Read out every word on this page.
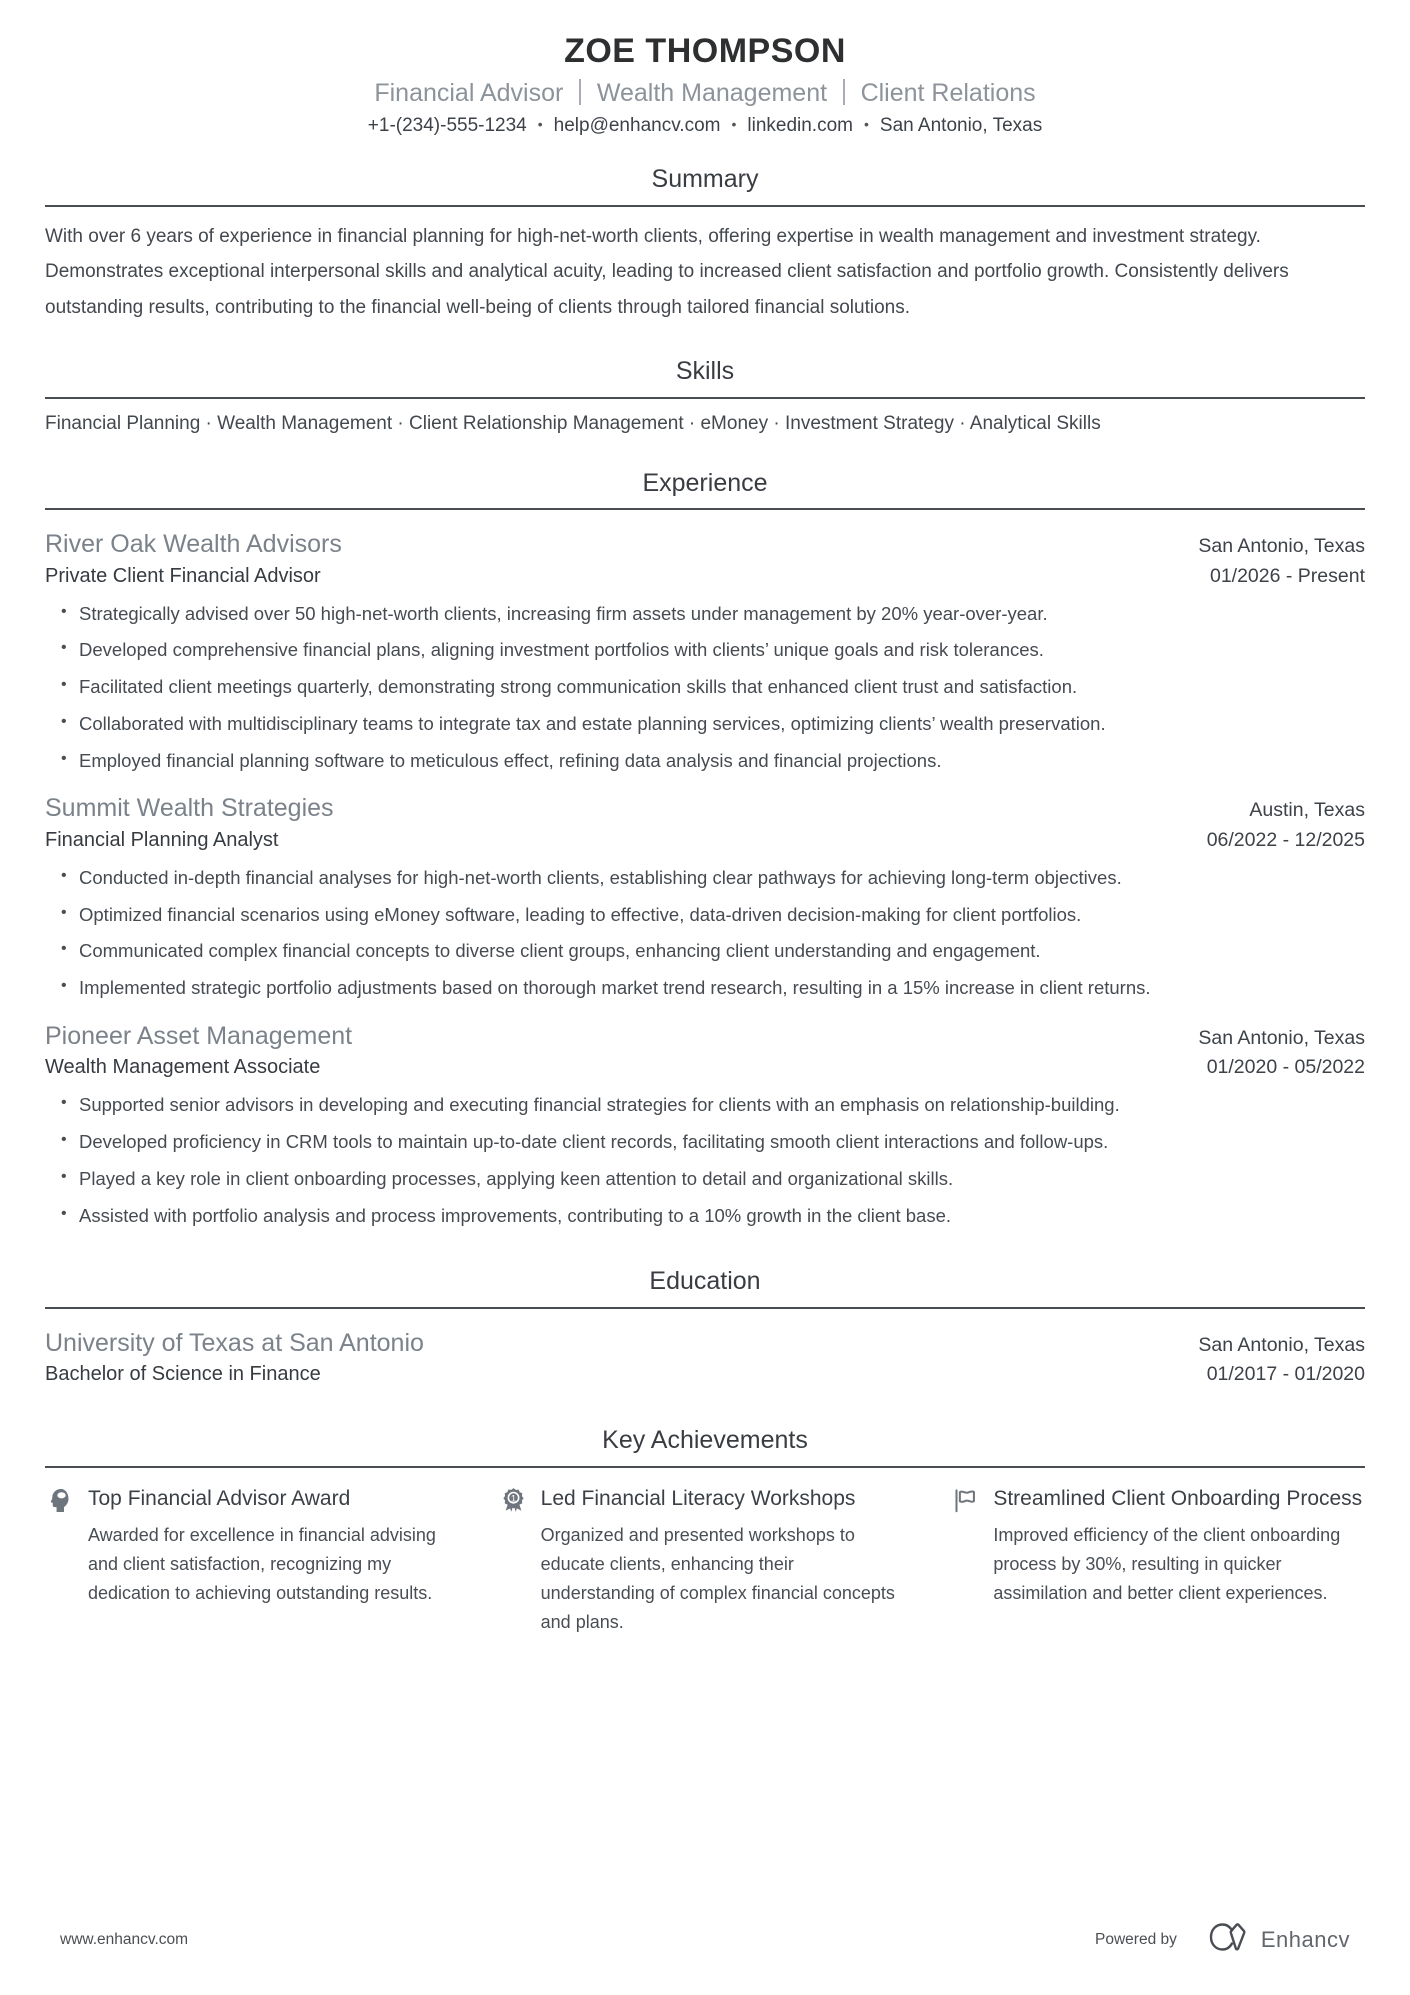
ZOE THOMPSON
Financial Advisor Wealth Management Client Relations
+1-(234)-555-1234 • help@enhancv.com • linkedin.com • San Antonio, Texas
Summary
With over 6 years of experience in financial planning for high-net-worth clients, offering expertise in wealth management and investment strategy. Demonstrates exceptional interpersonal skills and analytical acuity, leading to increased client satisfaction and portfolio growth. Consistently delivers outstanding results, contributing to the financial well-being of clients through tailored financial solutions.
Skills
Financial Planning · Wealth Management · Client Relationship Management · eMoney · Investment Strategy · Analytical Skills
Experience
River Oak Wealth Advisors	San Antonio, Texas
Private Client Financial Advisor	01/2026 - Present
• Strategically advised over 50 high-net-worth clients, increasing firm assets under management by 20% year-over-year.
• Developed comprehensive financial plans, aligning investment portfolios with clients’ unique goals and risk tolerances.
• Facilitated client meetings quarterly, demonstrating strong communication skills that enhanced client trust and satisfaction.
• Collaborated with multidisciplinary teams to integrate tax and estate planning services, optimizing clients’ wealth preservation.
• Employed financial planning software to meticulous effect, refining data analysis and financial projections.
Summit Wealth Strategies	Austin, Texas
Financial Planning Analyst	06/2022 - 12/2025
• Conducted in-depth financial analyses for high-net-worth clients, establishing clear pathways for achieving long-term objectives.
• Optimized financial scenarios using eMoney software, leading to effective, data-driven decision-making for client portfolios.
• Communicated complex financial concepts to diverse client groups, enhancing client understanding and engagement.
• Implemented strategic portfolio adjustments based on thorough market trend research, resulting in a 15% increase in client returns.
Pioneer Asset Management	San Antonio, Texas
Wealth Management Associate	01/2020 - 05/2022
• Supported senior advisors in developing and executing financial strategies for clients with an emphasis on relationship-building.
• Developed proficiency in CRM tools to maintain up-to-date client records, facilitating smooth client interactions and follow-ups.
• Played a key role in client onboarding processes, applying keen attention to detail and organizational skills.
• Assisted with portfolio analysis and process improvements, contributing to a 10% growth in the client base.
Education
University of Texas at San Antonio	San Antonio, Texas
Bachelor of Science in Finance	01/2017 - 01/2020
Key Achievements
Top Financial Advisor Award
Awarded for excellence in financial advising and client satisfaction, recognizing my dedication to achieving outstanding results.
1 Led Financial Literacy Workshops
Organized and presented workshops to educate clients, enhancing their understanding of complex financial concepts and plans.
Streamlined Client Onboarding Process
Improved efficiency of the client onboarding process by 30%, resulting in quicker assimilation and better client experiences.
www.enhancv.com	Powered by	Enhancv
